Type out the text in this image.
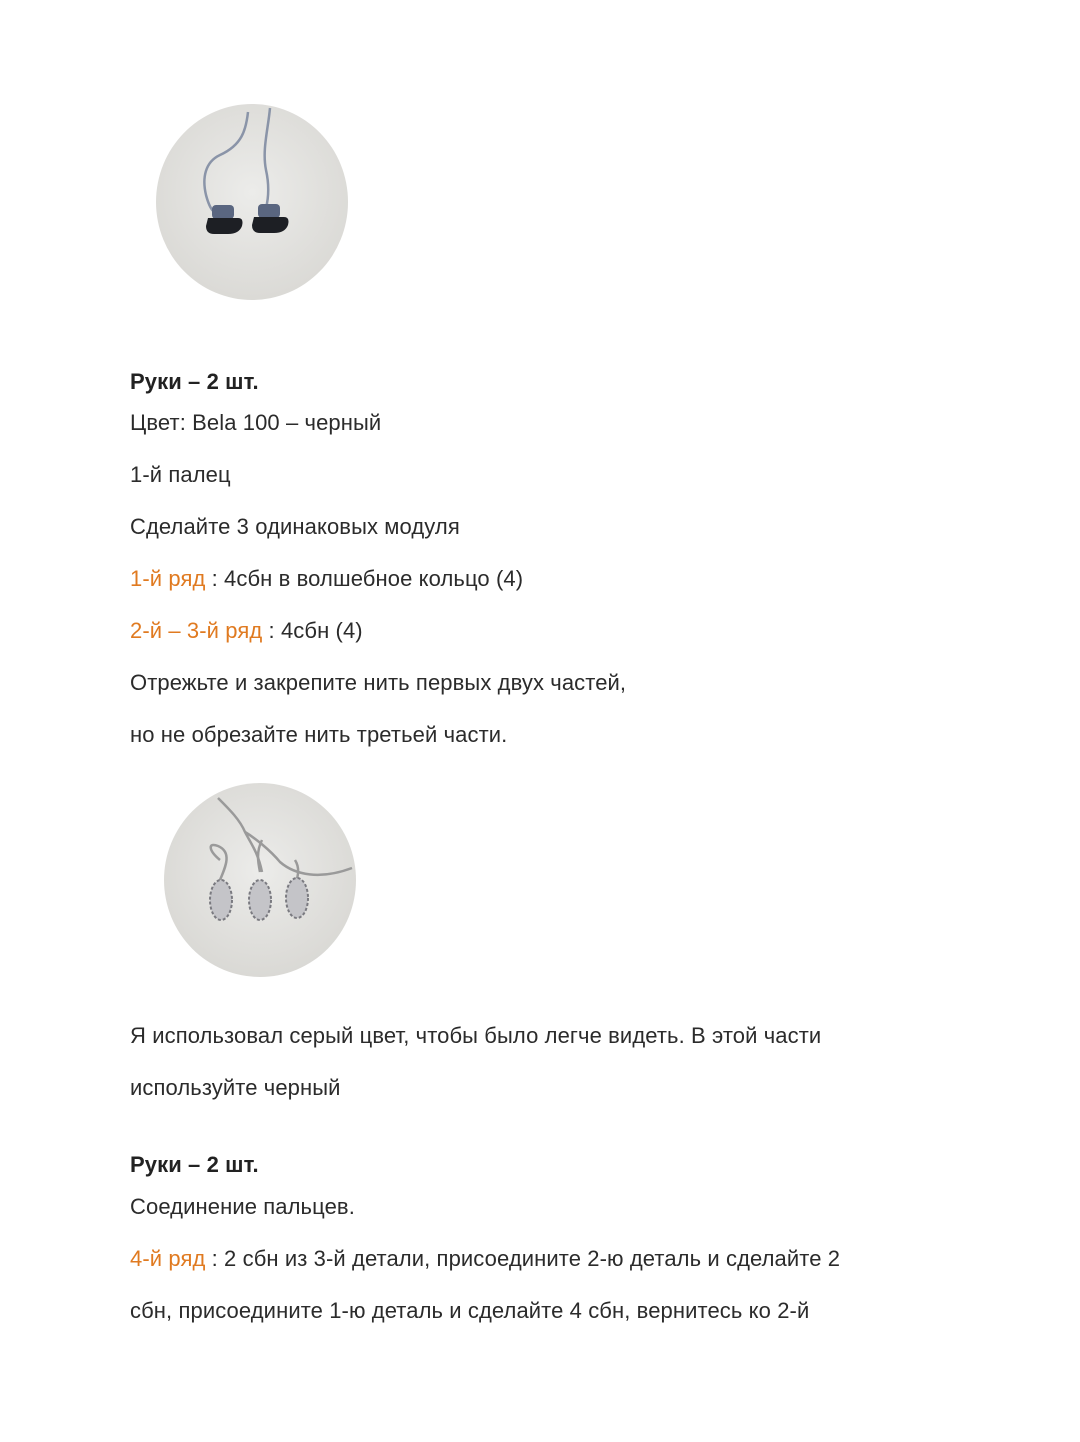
Руки – 2 шт.
Цвет: Bela 100 – черный
1-й палец
Сделайте 3 одинаковых модуля
1-й ряд : 4сбн в волшебное кольцо (4)
2-й – 3-й ряд : 4сбн (4)
Отрежьте и закрепите нить первых двух частей,
но не обрезайте нить третьей части.
Я использовал серый цвет, чтобы было легче видеть. В этой части
используйте черный
Руки – 2 шт.
Соединение пальцев.
4-й ряд : 2 сбн из 3-й детали, присоедините 2-ю деталь и сделайте 2
сбн, присоедините 1-ю деталь и сделайте 4 сбн, вернитесь ко 2-й
